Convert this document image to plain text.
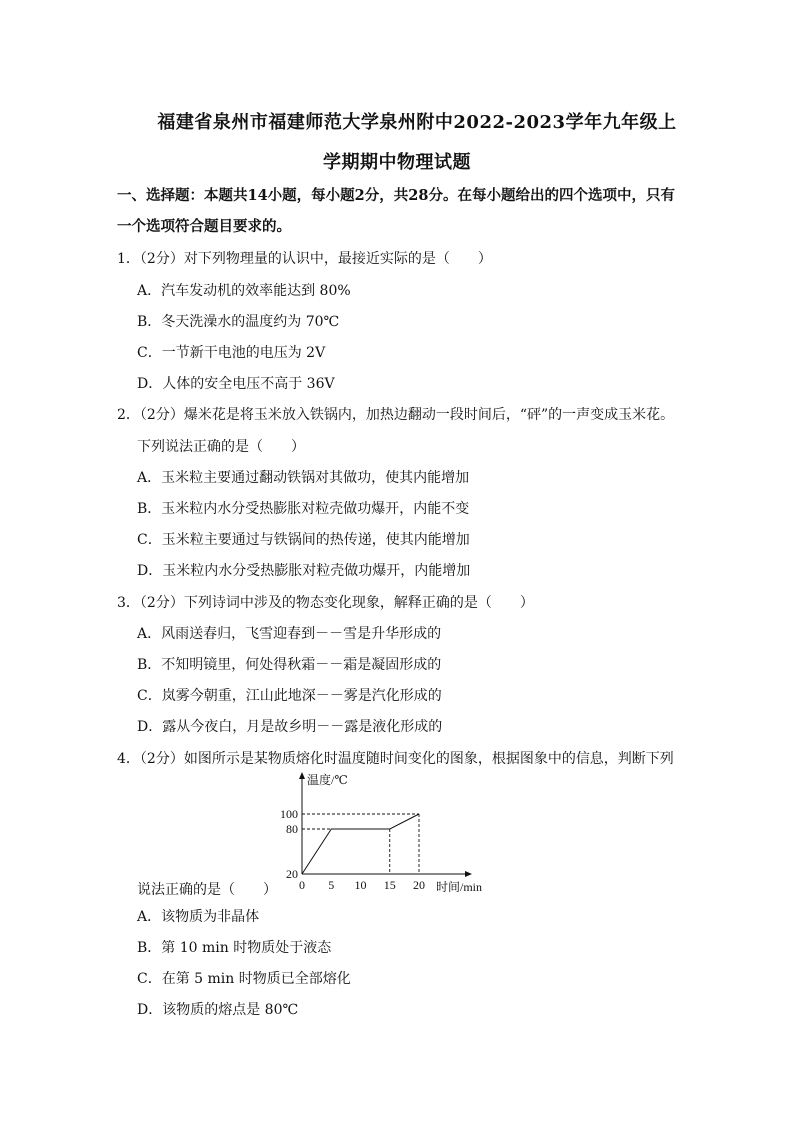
福建省泉州市福建师范大学泉州附中2022-2023学年九年级上
学期期中物理试题
一、选择题：本题共14小题，每小题2分，共28分。在每小题给出的四个选项中，只有
一个选项符合题目要求的。
1．（2分）对下列物理量的认识中，最接近实际的是（　　）
A．汽车发动机的效率能达到 80%
B．冬天洗澡水的温度约为 70℃
C．一节新干电池的电压为 2V
D．人体的安全电压不高于 36V
2．（2分）爆米花是将玉米放入铁锅内，加热边翻动一段时间后，“砰”的一声变成玉米花。
下列说法正确的是（　　）
A．玉米粒主要通过翻动铁锅对其做功，使其内能增加
B．玉米粒内水分受热膨胀对粒壳做功爆开，内能不变
C．玉米粒主要通过与铁锅间的热传递，使其内能增加
D．玉米粒内水分受热膨胀对粒壳做功爆开，内能增加
3．（2分）下列诗词中涉及的物态变化现象，解释正确的是（　　）
A．风雨送春归，飞雪迎春到－－雪是升华形成的
B．不知明镜里，何处得秋霜－－霜是凝固形成的
C．岚雾今朝重，江山此地深－－雾是汽化形成的
D．露从今夜白，月是故乡明－－露是液化形成的
4．（2分）如图所示是某物质熔化时温度随时间变化的图象，根据图象中的信息，判断下列
温度/℃
时间/min
0 5 10 15 20
20
80
100
说法正确的是（　　）
A．该物质为非晶体
B．第 10 min 时物质处于液态
C．在第 5 min 时物质已全部熔化
D．该物质的熔点是 80℃
